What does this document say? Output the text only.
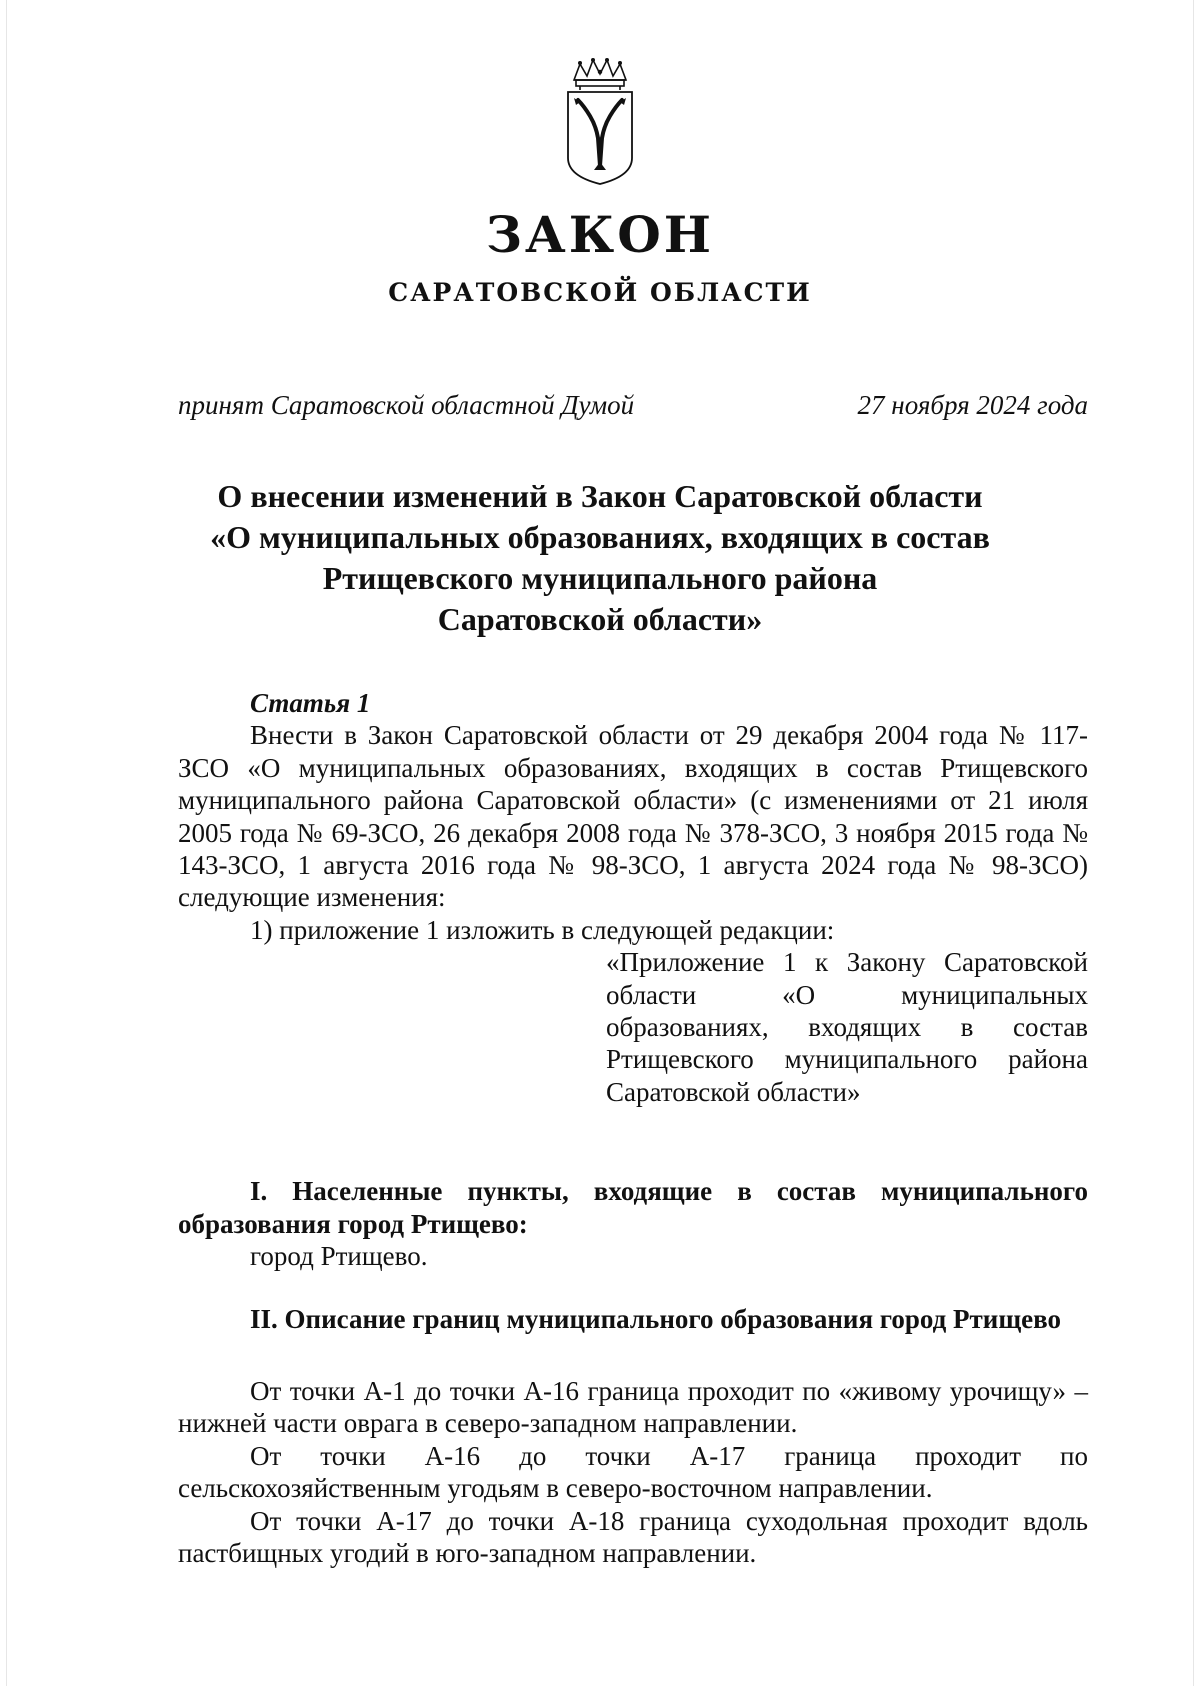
ЗАКОН
САРАТОВСКОЙ ОБЛАСТИ
принят Саратовской областной Думой	27 ноября 2024 года
О внесении изменений в Закон Саратовской области
«О муниципальных образованиях, входящих в состав
Ртищевского муниципального района
Саратовской области»

Статья 1

Внести в Закон Саратовской области от 29 декабря 2004 года № 117-ЗСО «О муниципальных образованиях, входящих в состав Ртищевского муниципального района Саратовской области» (с изменениями от 21 июля 2005 года № 69-ЗСО, 26 декабря 2008 года № 378-ЗСО, 3 ноября 2015 года № 143-ЗСО, 1 августа 2016 года № 98-ЗСО, 1 августа 2024 года № 98-ЗСО) следующие изменения:

1) приложение 1 изложить в следующей редакции:

«Приложение 1 к Закону Саратовской области «О муниципальных образованиях, входящих в состав Ртищевского муниципального района Саратовской области»

I. Населенные пункты, входящие в состав муниципального образования город Ртищево:

город Ртищево.

II. Описание границ муниципального образования город Ртищево

От точки А-1 до точки А-16 граница проходит по «живому урочищу» – нижней части оврага в северо-западном направлении.

От точки А-16 до точки А-17 граница проходит по сельскохозяйственным угодьям в северо-восточном направлении.

От точки А-17 до точки А-18 граница суходольная проходит вдоль пастбищных угодий в юго-западном направлении.
